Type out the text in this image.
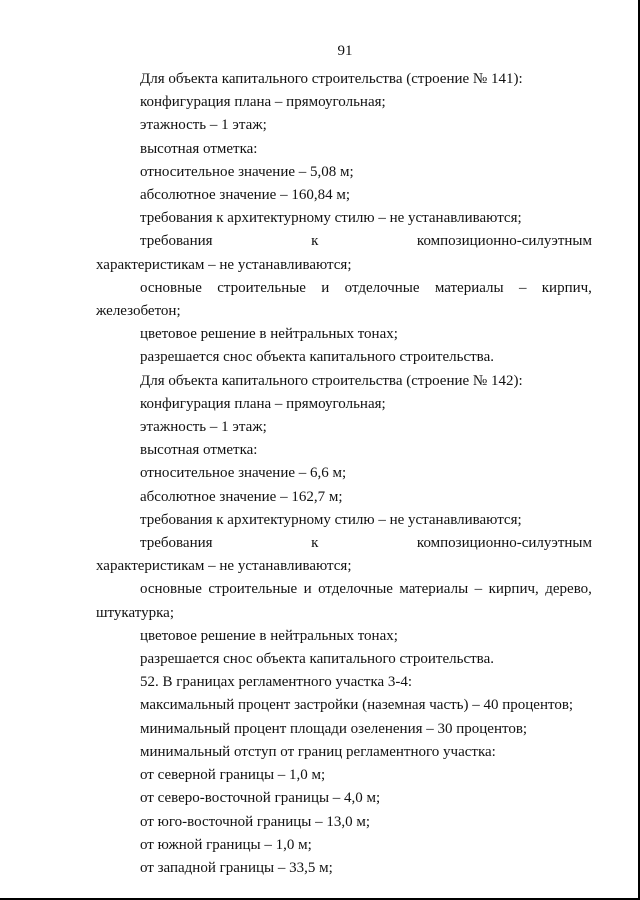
91
Для объекта капитального строительства (строение № 141):
конфигурация плана – прямоугольная;
этажность – 1 этаж;
высотная отметка:
относительное значение – 5,08 м;
абсолютное значение – 160,84 м;
требования к архитектурному стилю – не устанавливаются;
требования	к	композиционно-силуэтным
характеристикам – не устанавливаются;
основные строительные и отделочные материалы – кирпич,
железобетон;
цветовое решение в нейтральных тонах;
разрешается снос объекта капитального строительства.
Для объекта капитального строительства (строение № 142):
конфигурация плана – прямоугольная;
этажность – 1 этаж;
высотная отметка:
относительное значение – 6,6 м;
абсолютное значение – 162,7 м;
требования к архитектурному стилю – не устанавливаются;
требования	к	композиционно-силуэтным
характеристикам – не устанавливаются;
основные строительные и отделочные материалы – кирпич, дерево,
штукатурка;
цветовое решение в нейтральных тонах;
разрешается снос объекта капитального строительства.
52. В границах регламентного участка 3-4:
максимальный процент застройки (наземная часть) – 40 процентов;
минимальный процент площади озеленения – 30 процентов;
минимальный отступ от границ регламентного участка:
от северной границы – 1,0 м;
от северо-восточной границы – 4,0 м;
от юго-восточной границы – 13,0 м;
от южной границы – 1,0 м;
от западной границы – 33,5 м;
